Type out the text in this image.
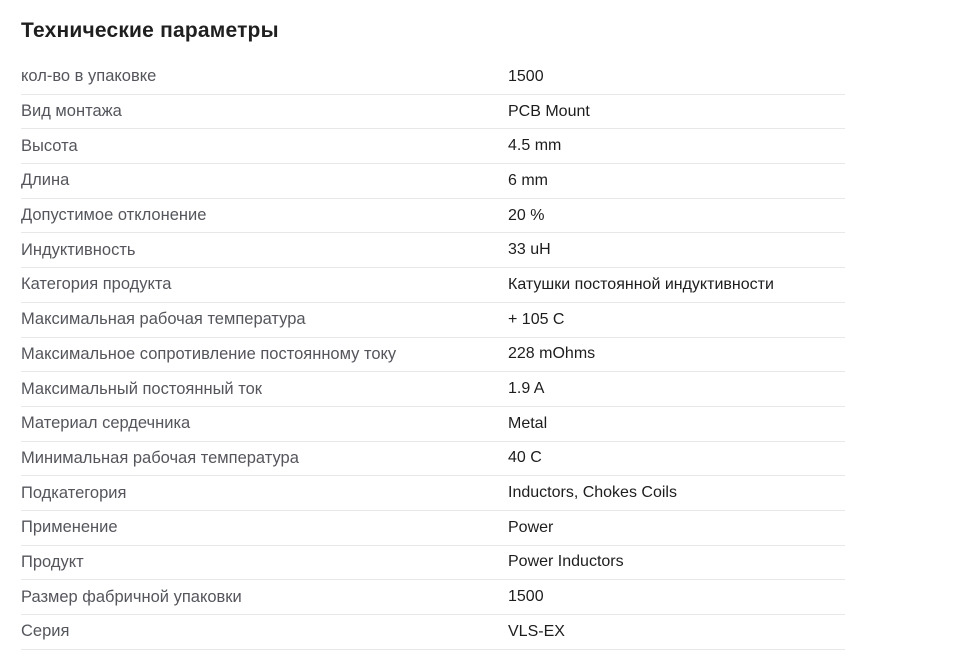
Технические параметры
кол-во в упаковке	1500
Вид монтажа	PCB Mount
Высота	4.5 mm
Длина	6 mm
Допустимое отклонение	20 %
Индуктивность	33 uH
Категория продукта	Катушки постоянной индуктивности
Максимальная рабочая температура	+ 105 C
Максимальное сопротивление постоянному току	228 mOhms
Максимальный постоянный ток	1.9 A
Материал сердечника	Metal
Минимальная рабочая температура	40 C
Подкатегория	Inductors, Chokes Coils
Применение	Power
Продукт	Power Inductors
Размер фабричной упаковки	1500
Серия	VLS-EX
